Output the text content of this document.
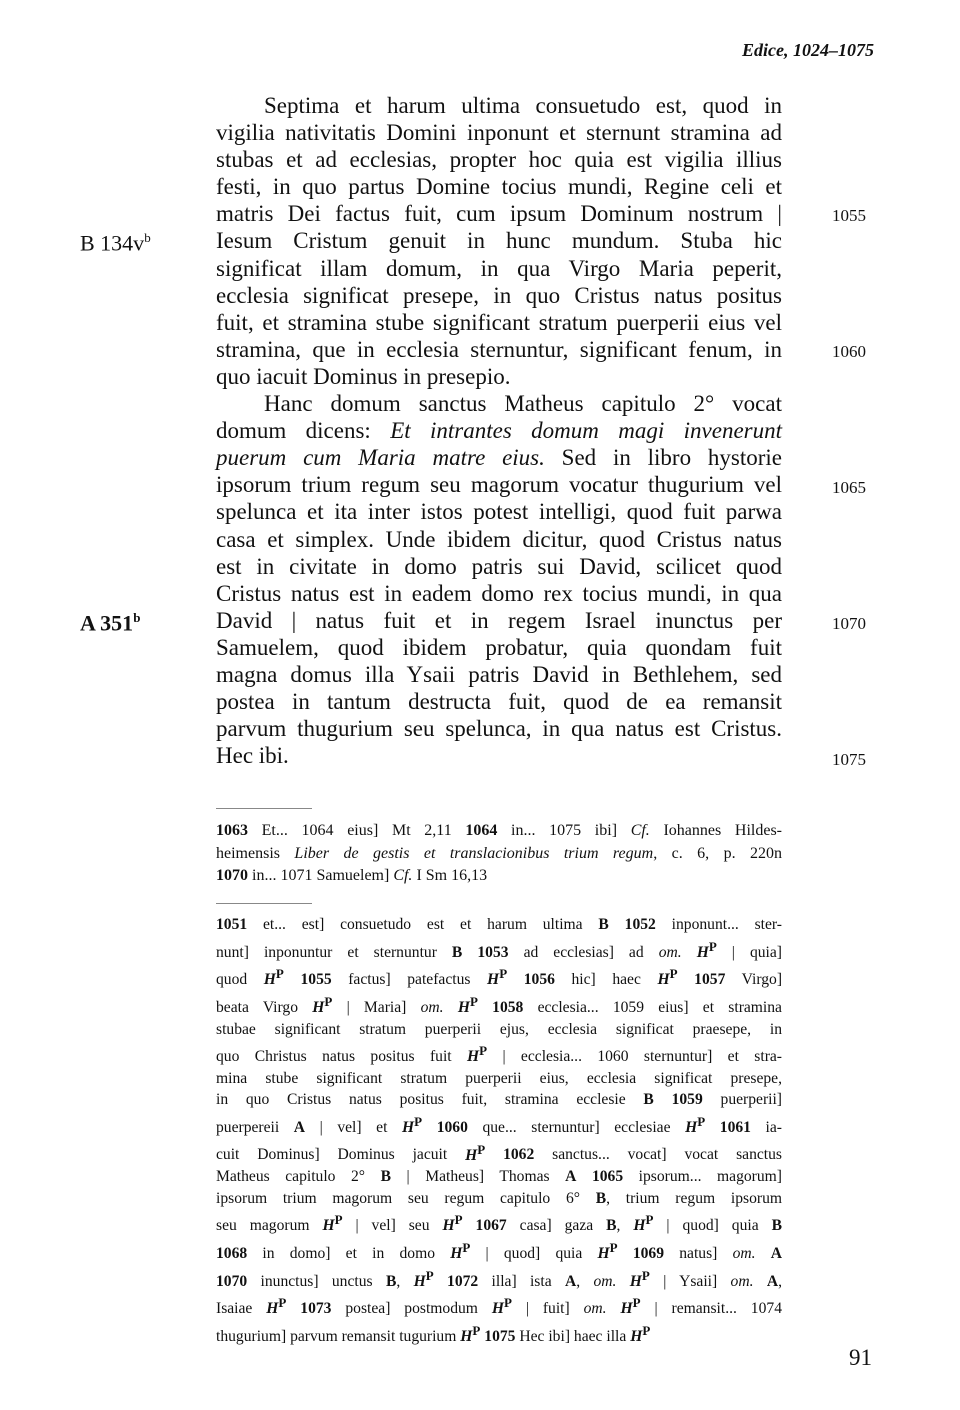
Edice, 1024–1075
B $134v^b$
A 351$^b$
Septima et harum ultima consuetudo est, quod in
vigilia nativitatis Domini inponunt et sternunt stramina ad
stubas et ad ecclesias, propter hoc quia est vigilia illius
festi, in quo partus Domine tocius mundi, Regine celi et
matris Dei factus fuit, cum ipsum Dominum nostrum |
Iesum Cristum genuit in hunc mundum. Stuba hic
significat illam domum, in qua Virgo Maria peperit,
ecclesia significat presepe, in quo Cristus natus positus
fuit, et stramina stube significant stratum puerperii eius vel
stramina, que in ecclesia sternuntur, significant fenum, in
quo iacuit Dominus in presepio.
Hanc domum sanctus Matheus capitulo 2° vocat
domum dicens: Et intrantes domum magi invenerunt
puerum cum Maria matre eius. Sed in libro hystorie
ipsorum trium regum seu magorum vocatur thugurium vel
spelunca et ita inter istos potest intelligi, quod fuit parwa
casa et simplex. Unde ibidem dicitur, quod Cristus natus
est in civitate in domo patris sui David, scilicet quod
Cristus natus est in eadem domo rex tocius mundi, in qua
David | natus fuit et in regem Israel inunctus per
Samuelem, quod ibidem probatur, quia quondam fuit
magna domus illa Ysaii patris David in Bethlehem, sed
postea in tantum destructa fuit, quod de ea remansit
parvum thugurium seu spelunca, in qua natus est Cristus.
Hec ibi.
1055
1060
1065
1070
1075
1063 Et... 1064 eius] Mt 2,11 1064 in... 1075 ibi] Cf. Iohannes Hildes-
heimensis Liber de gestis et translacionibus trium regum, c. 6, p. 220n
1070 in... 1071 Samuelem] Cf. I Sm 16,13
1051 et... est] consuetudo est et harum ultima B 1052 inponunt... ster-
nunt] inponuntur et sternuntur B 1053 ad ecclesias] ad om. $H^P$ | quia]
quod $H^P$ 1055 factus] patefactus $H^P$ 1056 hic] haec $H^P$ 1057 Virgo]
beata Virgo $H^P$ | Maria] om. $H^P$ 1058 ecclesia... 1059 eius] et stramina
stubae significant stratum puerperii ejus, ecclesia significat praesepe, in
quo Christus natus positus fuit $H^P$ | ecclesia... 1060 sternuntur] et stra-
mina stube significant stratum puerperii eius, ecclesia significat presepe,
in quo Cristus natus positus fuit, stramina ecclesie B 1059 puerperii]
puerpereii A | vel] et $H^P$ 1060 que... sternuntur] ecclesiae $H^P$ 1061 ia-
cuit Dominus] Dominus jacuit $H^P$ 1062 sanctus... vocat] vocat sanctus
Matheus capitulo 2° B | Matheus] Thomas A 1065 ipsorum... magorum]
ipsorum trium magorum seu regum capitulo 6° B, trium regum ipsorum
seu magorum $H^P$ | vel] seu $H^P$ 1067 casa] gaza B, $H^P$ | quod] quia B
1068 in domo] et in domo $H^P$ | quod] quia $H^P$ 1069 natus] om. A
1070 inunctus] unctus B, $H^P$ 1072 illa] ista A, om. $H^P$ | Ysaii] om. A,
Isaiae $H^P$ 1073 postea] postmodum $H^P$ | fuit] om. $H^P$ | remansit... 1074
thugurium] parvum remansit tugurium $H^P$ 1075 Hec ibi] haec illa $H^P$
91
